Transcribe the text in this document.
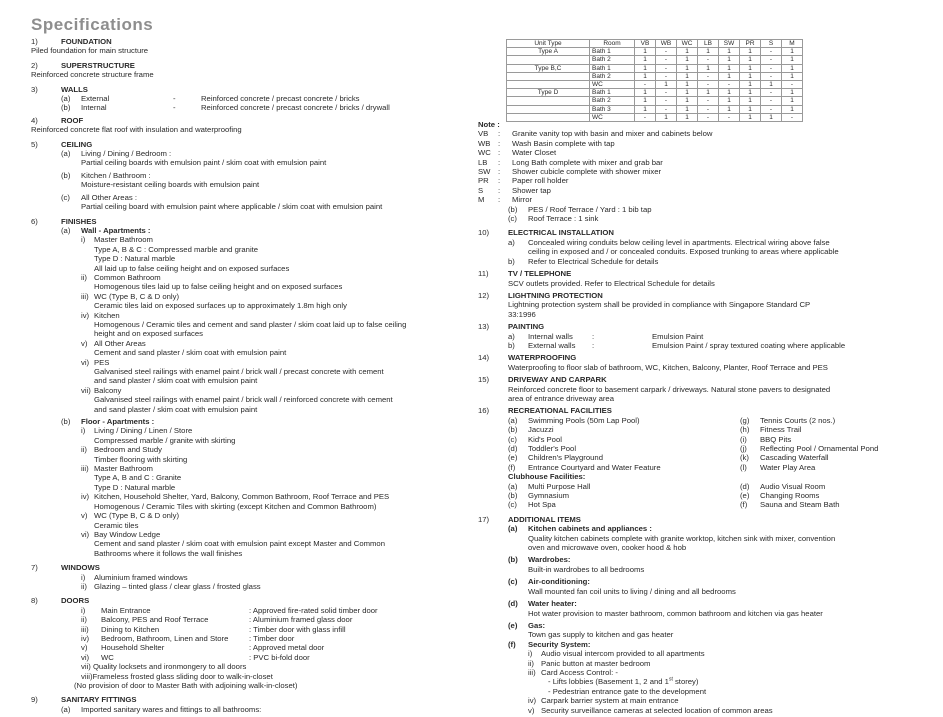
Specifications
1)	FOUNDATION
Piled foundation for main structure
2)	SUPERSTRUCTURE
Reinforced concrete structure frame
3)	WALLS
(a)	External	-	Reinforced concrete / precast concrete / bricks
(b)	Internal	-	Reinforced concrete / precast concrete / bricks / drywall
4)	ROOF
Reinforced concrete flat roof with insulation and waterproofing
5)	CEILING
(a)	Living / Dining / Bedroom :
Partial ceiling boards with emulsion paint / skim coat with emulsion paint
(b)	Kitchen / Bathroom :
Moisture-resistant ceiling boards with emulsion paint
(c)	All Other Areas :
Partial ceiling board with emulsion paint where applicable / skim coat with emulsion paint
6)	FINISHES
(a)	Wall - Apartments :
i)	Master Bathroom
Type A, B & C : Compressed marble and granite
Type D : Natural marble
All laid up to false ceiling height and on exposed surfaces
ii) Common Bathroom
Homogenous tiles laid up to false ceiling height and on exposed surfaces
iii) WC (Type B, C & D only)
Ceramic tiles laid on exposed surfaces up to approximately 1.8m high only
iv) Kitchen
Homogenous / Ceramic tiles and cement and sand plaster / skim coat laid up to false ceiling
height and on exposed surfaces
v) All Other Areas
Cement and sand plaster / skim coat with emulsion paint
vi) PES
Galvanised steel railings with enamel paint / brick wall / precast concrete with cement
and sand plaster / skim coat with emulsion paint
vii) Balcony
Galvanised steel railings with enamel paint / brick wall / reinforced concrete with cement
and sand plaster / skim coat with emulsion paint
(b)	Floor - Apartments :
i)	Living / Dining / Linen / Store
Compressed marble / granite with skirting
ii) Bedroom and Study
Timber flooring with skirting
iii) Master Bathroom
Type A, B and C : Granite
Type D : Natural marble
iv) Kitchen, Household Shelter, Yard, Balcony, Common Bathroom, Roof Terrace and PES
Homogenous / Ceramic Tiles with skirting (except Kitchen and Common Bathroom)
v) WC (Type B, C & D only)
Ceramic tiles
vi) Bay Window Ledge
Cement and sand plaster / skim coat with emulsion paint except Master and Common
Bathrooms where it follows the wall finishes
7)	WINDOWS
i)	Aluminium framed windows
ii) Glazing – tinted glass / clear glass / frosted glass
8)	DOORS
i)	Main Entrance	: Approved fire-rated solid timber door
ii)	Balcony, PES and Roof Terrace	: Aluminium framed glass door
iii)	Dining to Kitchen	: Timber door with glass infill
iv)	Bedroom, Bathroom, Linen and Store	: Timber door
v)	Household Shelter	: Approved metal door
vi)	WC	: PVC bi-fold door
vii) Quality locksets and ironmongery to all doors
viii)Frameless frosted glass sliding door to walk-in-closet
(No provision of door to Master Bath with adjoining walk-in-closet)
9)	SANITARY FITTINGS
(a)	Imported sanitary wares and fittings to all bathrooms:
Unit Type	Room	VB	WB	WC	LB	SW	PR	S	M
Type A	Bath 1	1	-	1	1	1	1	-	1
	Bath 2	1	-	1	-	1	1	-	1
Type B,C	Bath 1	1	-	1	1	1	1	-	1
	Bath 2	1	-	1	-	1	1	-	1
	WC	-	1	1	-	-	1	1	-
Type D	Bath 1	1	-	1	1	1	1	-	1
	Bath 2	1	-	1	-	1	1	-	1
	Bath 3	1	-	1	-	1	1	-	1
	WC	-	1	1	-	-	1	1	-
Note :
VB	:	Granite vanity top with basin and mixer and cabinets below
WB :	Wash Basin complete with tap
WC :	Water Closet
LB	:	Long Bath complete with mixer and grab bar
SW :	Shower cubicle complete with shower mixer
PR	:	Paper roll holder
S	:	Shower tap
M	:	Mirror
(b)	PES / Roof Terrace / Yard : 1 bib tap
(c)	Roof Terrace : 1 sink
10) ELECTRICAL INSTALLATION
a)	Concealed wiring conduits below ceiling level in apartments. Electrical wiring above false
ceiling in exposed and / or concealed conduits. Exposed trunking to areas where applicable
b)	Refer to Electrical Schedule for details
11)	TV / TELEPHONE
SCV outlets provided. Refer to Electrical Schedule for details
12) LIGHTNING PROTECTION
Lightning protection system shall be provided in compliance with Singapore Standard CP
33:1996
13) PAINTING
a)	Internal walls	:	Emulsion Paint
b)	External walls	:	Emulsion Paint / spray textured coating where applicable
14) WATERPROOFING
Waterproofing to floor slab of bathroom, WC, Kitchen, Balcony, Planter, Roof Terrace and PES
15) DRIVEWAY AND CARPARK
Reinforced concrete floor to basement carpark / driveways. Natural stone pavers to designated
area of entrance driveway area
16) RECREATIONAL FACILITIES
(a)	Swimming Pools (50m Lap Pool)	(g)	Tennis Courts (2 nos.)
(b)	Jacuzzi	(h)	Fitness Trail
(c)	Kid's Pool	(i)	BBQ Pits
(d)	Toddler's Pool	(j)	Reflecting Pool / Ornamental Pond
(e)	Children's Playground	(k)	Cascading Waterfall
(f)	Entrance Courtyard and Water Feature	(l)	Water Play Area
Clubhouse Facilities:
(a)	Multi Purpose Hall	(d)	Audio Visual Room
(b)	Gymnasium	(e)	Changing Rooms
(c)	Hot Spa	(f)	Sauna and Steam Bath
17) ADDITIONAL ITEMS
(a)	Kitchen cabinets and appliances :
Quality kitchen cabinets complete with granite worktop, kitchen sink with mixer, convention
oven and microwave oven, cooker hood & hob
(b)	Wardrobes:
Built-in wardrobes to all bedrooms
(c)	Air-conditioning:
Wall mounted fan coil units to living / dining and all bedrooms
(d)	Water heater:
Hot water provision to master bathroom, common bathroom and kitchen via gas heater
(e)	Gas:
Town gas supply to kitchen and gas heater
(f)	Security System:
i)	Audio visual intercom provided to all apartments
ii) Panic button at master bedroom
iii) Card Access Control: -
- Lifts lobbies (Basement 1, 2 and 1st storey)
- Pedestrian entrance gate to the development
iv) Carpark barrier system at main entrance
v) Security surveillance cameras at selected location of common areas
